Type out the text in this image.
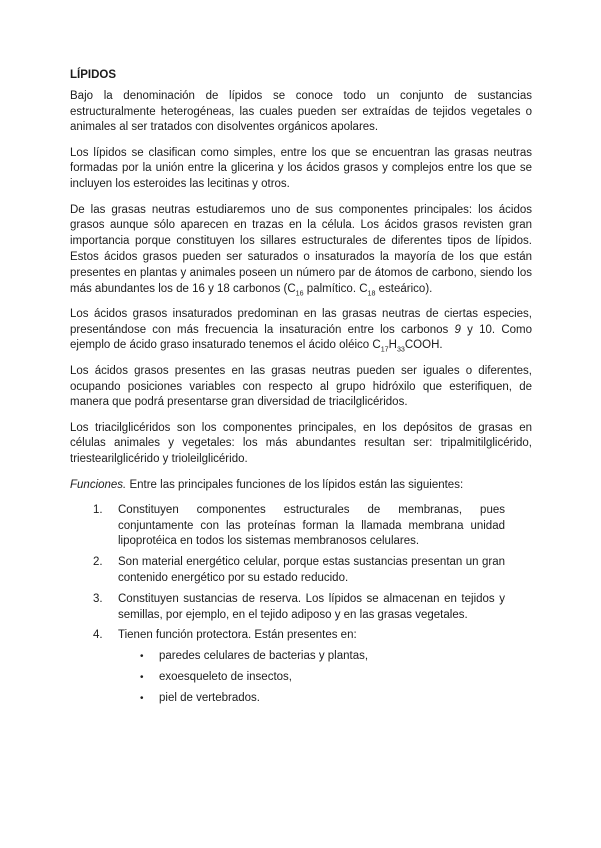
LÍPIDOS

Bajo la denominación de lípidos se conoce todo un conjunto de sustancias estructuralmente heterogéneas, las cuales pueden ser extraídas de tejidos vegetales o animales al ser tratados con disolventes orgánicos apolares.

Los lípidos se clasifican como simples, entre los que se encuentran las grasas neutras formadas por la unión entre la glicerina y los ácidos grasos y complejos entre los que se incluyen los esteroides las lecitinas y otros.

De las grasas neutras estudiaremos uno de sus componentes principales: los ácidos grasos aunque sólo aparecen en trazas en la célula. Los ácidos grasos revisten gran importancia porque constituyen los sillares estructurales de diferentes tipos de lípidos. Estos ácidos grasos pueden ser saturados o insaturados la mayoría de los que están presentes en plantas y animales poseen un número par de átomos de carbono, siendo los más abundantes los de 16 y 18 carbonos ($C_{16}$ palmítico. $C_{18}$ esteárico).

Los ácidos grasos insaturados predominan en las grasas neutras de ciertas especies, presentándose con más frecuencia la insaturación entre los carbonos 9 y 10. Como ejemplo de ácido graso insaturado tenemos el ácido oléico $C_{17}H_{33}COOH$.

Los ácidos grasos presentes en las grasas neutras pueden ser iguales o diferentes, ocupando posiciones variables con respecto al grupo hidróxilo que esterifiquen, de manera que podrá presentarse gran diversidad de triacilglicéridos.

Los triacilglicéridos son los componentes principales, en los depósitos de grasas en células animales y vegetales: los más abundantes resultan ser: tripalmitilglicérido, triestearilglicérido y trioleilglicérido.

Funciones. Entre las principales funciones de los lípidos están las siguientes:

1.	Constituyen componentes estructurales de membranas, pues conjuntamente con las proteínas forman la llamada membrana unidad lipoprotéica en todos los sistemas membranosos celulares.
2.	Son material energético celular, porque estas sustancias presentan un gran contenido energético por su estado reducido.
3.	Constituyen sustancias de reserva. Los lípidos se almacenan en tejidos y semillas, por ejemplo, en el tejido adiposo y en las grasas vegetales.
4.	Tienen función protectora. Están presentes en:
•	paredes celulares de bacterias y plantas,
•	exoesqueleto de insectos,
•	piel de vertebrados.
